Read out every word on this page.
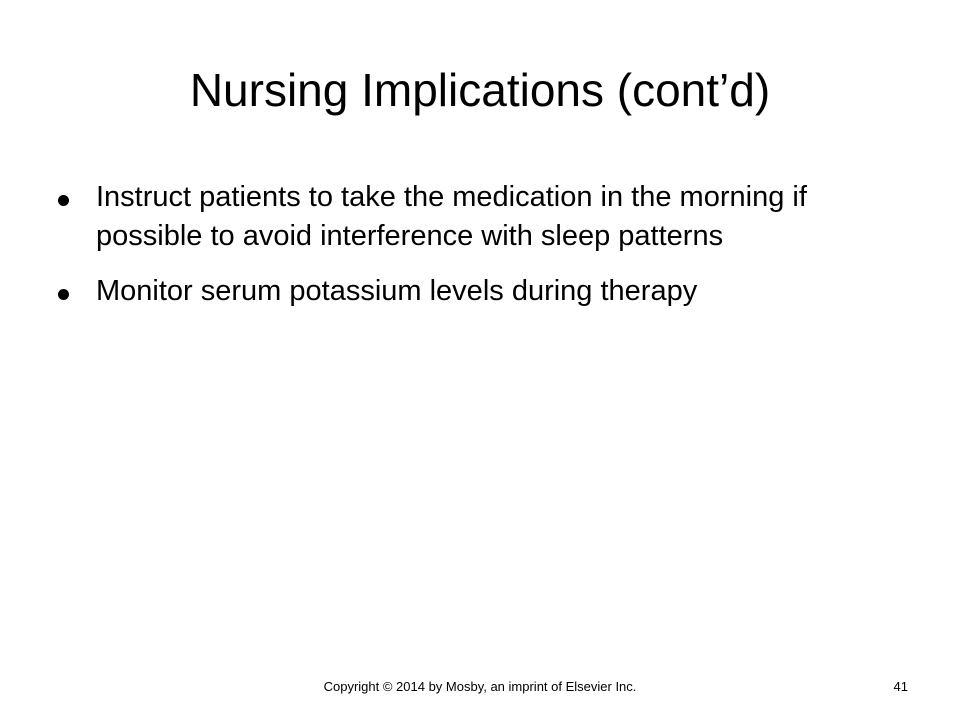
Nursing Implications (cont’d)
Instruct patients to take the medication in the morning if possible to avoid interference with sleep patterns
Monitor serum potassium levels during therapy
Copyright © 2014 by Mosby, an imprint of Elsevier Inc.	41
